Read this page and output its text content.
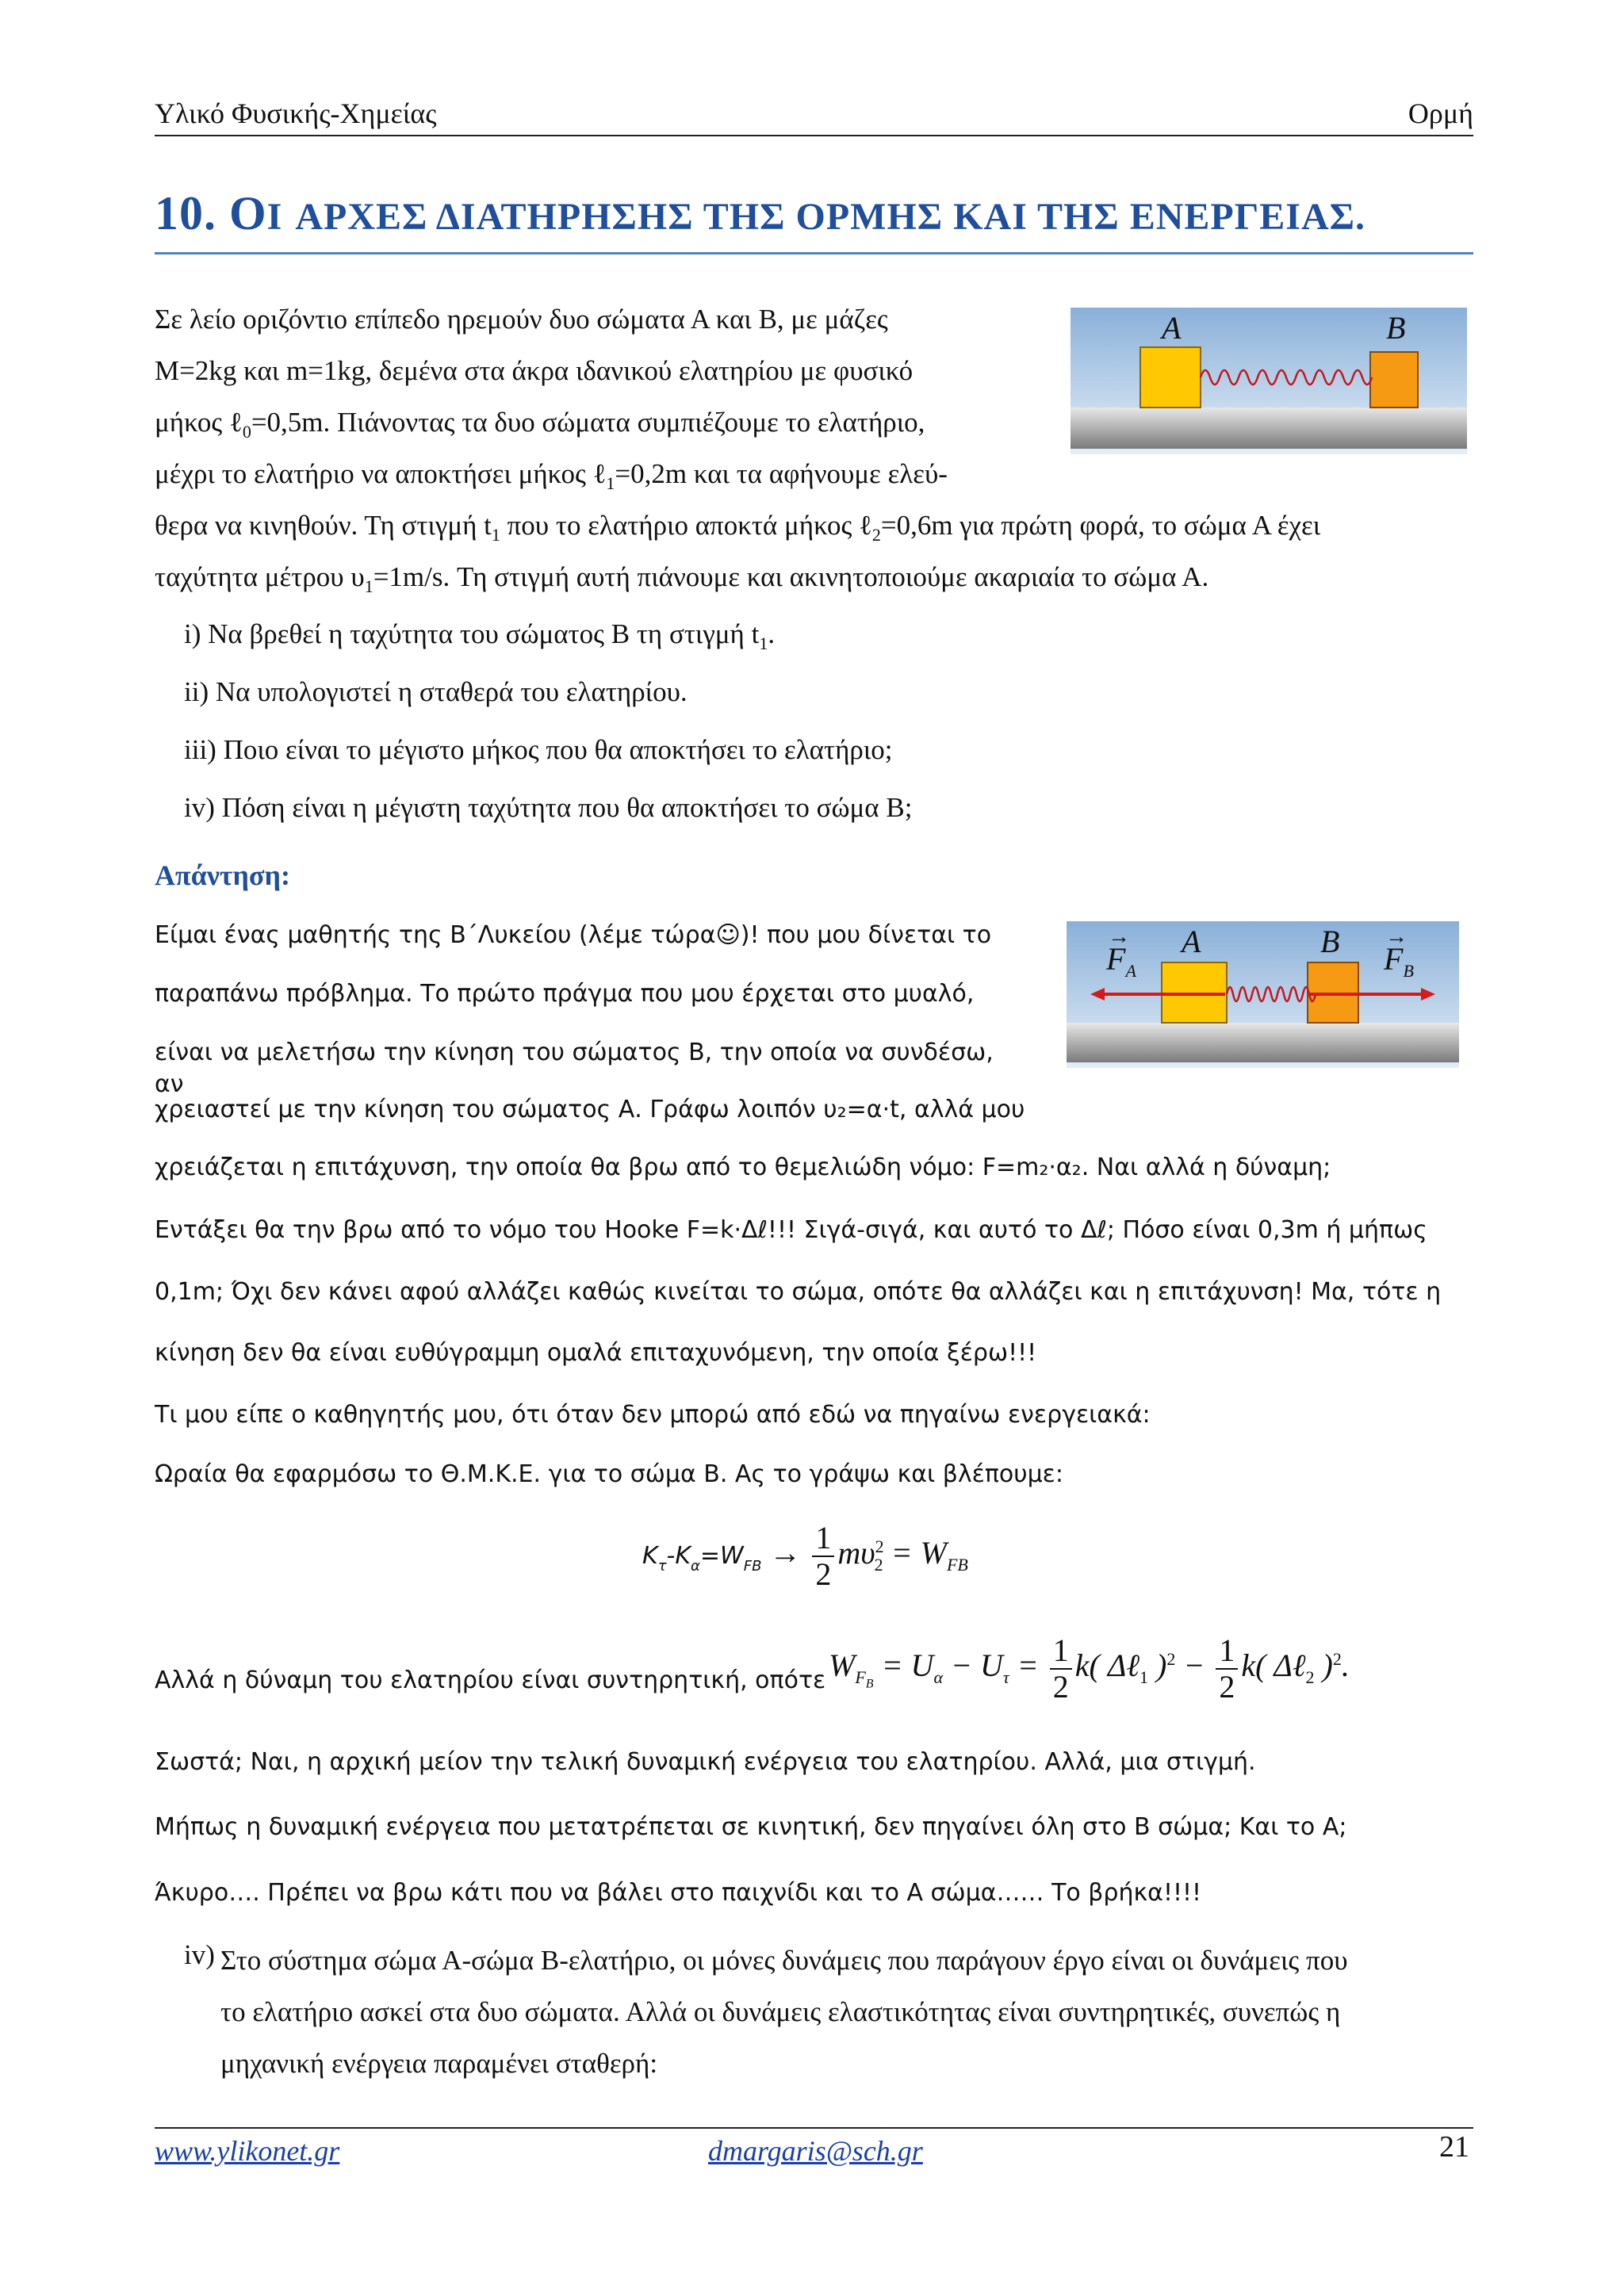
Υλικό Φυσικής-Χημείας	Ορμή
10. ΟΙ ΑΡΧΕΣ ΔΙΑΤΗΡΗΣΗΣ ΤΗΣ ΟΡΜΗΣ ΚΑΙ ΤΗΣ ΕΝΕΡΓΕΙΑΣ.
Σε λείο οριζόντιο επίπεδο ηρεμούν δυο σώματα Α και Β, με μάζες
Μ=2kg και m=1kg, δεμένα στα άκρα ιδανικού ελατηρίου με φυσικό
μήκος ℓ$_0$=0,5m. Πιάνοντας τα δυο σώματα συμπιέζουμε το ελατήριο,
μέχρι το ελατήριο να αποκτήσει μήκος ℓ$_1$=0,2m και τα αφήνουμε ελεύ-
θερα να κινηθούν. Τη στιγμή $t_1$ που το ελατήριο αποκτά μήκος ℓ$_2$=0,6m για πρώτη φορά, το σώμα Α έχει
ταχύτητα μέτρου $\upsilon_1=1m/s$. Τη στιγμή αυτή πιάνουμε και ακινητοποιούμε ακαριαία το σώμα Α.
Α	Β
i) Να βρεθεί η ταχύτητα του σώματος Β τη στιγμή $t_1$.
ii) Να υπολογιστεί η σταθερά του ελατηρίου.
iii) Ποιο είναι το μέγιστο μήκος που θα αποκτήσει το ελατήριο;
iv) Πόση είναι η μέγιστη ταχύτητα που θα αποκτήσει το σώμα Β;
Απάντηση:
Είμαι ένας μαθητής της Β΄Λυκείου (λέμε τώρα☺)! που μου δίνεται το
παραπάνω πρόβλημα. Το πρώτο πράγμα που μου έρχεται στο μυαλό,
είναι να μελετήσω την κίνηση του σώματος Β, την οποία να συνδέσω, αν
χρειαστεί με την κίνηση του σώματος Α. Γράφω λοιπόν υ₂=α·t, αλλά μου
χρειάζεται η επιτάχυνση, την οποία θα βρω από το θεμελιώδη νόμο: F=m₂·α₂. Ναι αλλά η δύναμη;
Εντάξει θα την βρω από το νόμο του Hooke F=k·Δℓ!!! Σιγά-σιγά, και αυτό το Δℓ; Πόσο είναι 0,3m ή μήπως
0,1m; Όχι δεν κάνει αφού αλλάζει καθώς κινείται το σώμα, οπότε θα αλλάζει και η επιτάχυνση! Μα, τότε η
κίνηση δεν θα είναι ευθύγραμμη ομαλά επιταχυνόμενη, την οποία ξέρω!!!
Τι μου είπε ο καθηγητής μου, ότι όταν δεν μπορώ από εδώ να πηγαίνω ενεργειακά:
Ωραία θα εφαρμόσω το Θ.Μ.Κ.Ε. για το σώμα Β. Ας το γράψω και βλέπουμε:
Α	Β
→
$F_A$
→
$F_B$
$K_\tau-K_\alpha=W_{FB} \to \frac{1}{2} m\upsilon^2_2 = W_{FB}$
Αλλά η δύναμη του ελατηρίου είναι συντηρητική, οπότε $W_{F_B} = U_\alpha - U_\tau = \frac{1}{2} k$( Δℓ$_1$ )$^2 - \frac{1}{2} k$( Δℓ$_2$ )$^2$.
Σωστά; Ναι, η αρχική μείον την τελική δυναμική ενέργεια του ελατηρίου. Αλλά, μια στιγμή.
Μήπως η δυναμική ενέργεια που μετατρέπεται σε κινητική, δεν πηγαίνει όλη στο Β σώμα; Και το Α;
Άκυρο…. Πρέπει να βρω κάτι που να βάλει στο παιχνίδι και το Α σώμα…… Το βρήκα!!!!
iv) Στο σύστημα σώμα Α-σώμα Β-ελατήριο, οι μόνες δυνάμεις που παράγουν έργο είναι οι δυνάμεις που
το ελατήριο ασκεί στα δυο σώματα. Αλλά οι δυνάμεις ελαστικότητας είναι συντηρητικές, συνεπώς η
μηχανική ενέργεια παραμένει σταθερή:
www.ylikonet.gr	dmargaris@sch.gr	21
